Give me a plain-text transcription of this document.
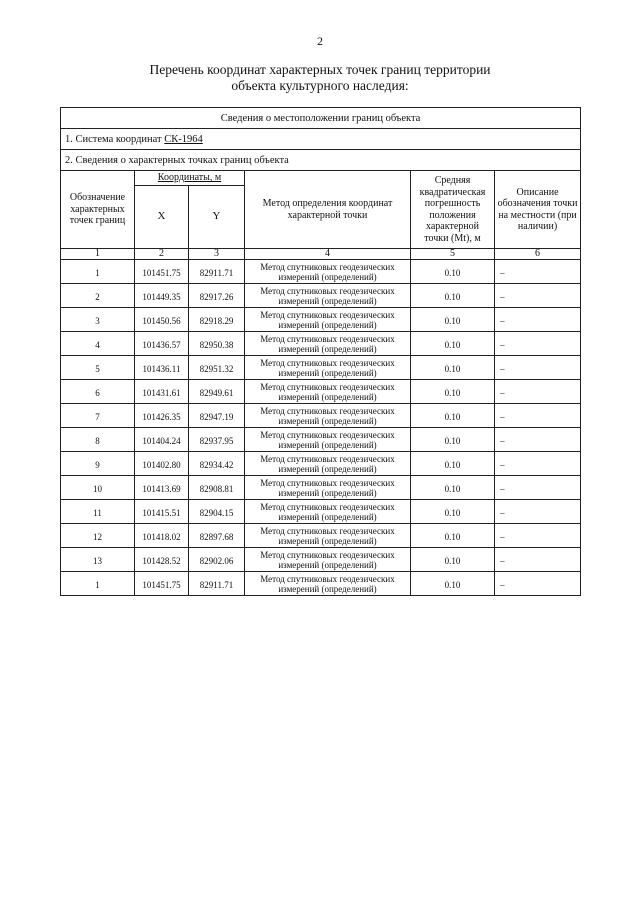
2
Перечень координат характерных точек границ территории
объекта культурного наследия:
Сведения о местоположении границ объекта					
1. Система координат СК-1964					
2. Сведения о характерных точках границ объекта					
Обозначение характерных точек границ	Координаты, м		Метод определения координат характерной точки	Средняя квадратическая погрешность положения характерной точки (Mt), м	Описание обозначения точки на местности (при наличии)
	X	Y			
1	2	3	4	5	6
1	101451.75	82911.71	Метод спутниковых геодезических измерений (определений)	0.10	–
2	101449.35	82917.26	Метод спутниковых геодезических измерений (определений)	0.10	–
3	101450.56	82918.29	Метод спутниковых геодезических измерений (определений)	0.10	–
4	101436.57	82950.38	Метод спутниковых геодезических измерений (определений)	0.10	–
5	101436.11	82951.32	Метод спутниковых геодезических измерений (определений)	0.10	–
6	101431.61	82949.61	Метод спутниковых геодезических измерений (определений)	0.10	–
7	101426.35	82947.19	Метод спутниковых геодезических измерений (определений)	0.10	–
8	101404.24	82937.95	Метод спутниковых геодезических измерений (определений)	0.10	–
9	101402.80	82934.42	Метод спутниковых геодезических измерений (определений)	0.10	–
10	101413.69	82908.81	Метод спутниковых геодезических измерений (определений)	0.10	–
11	101415.51	82904.15	Метод спутниковых геодезических измерений (определений)	0.10	–
12	101418.02	82897.68	Метод спутниковых геодезических измерений (определений)	0.10	–
13	101428.52	82902.06	Метод спутниковых геодезических измерений (определений)	0.10	–
1	101451.75	82911.71	Метод спутниковых геодезических измерений (определений)	0.10	–
